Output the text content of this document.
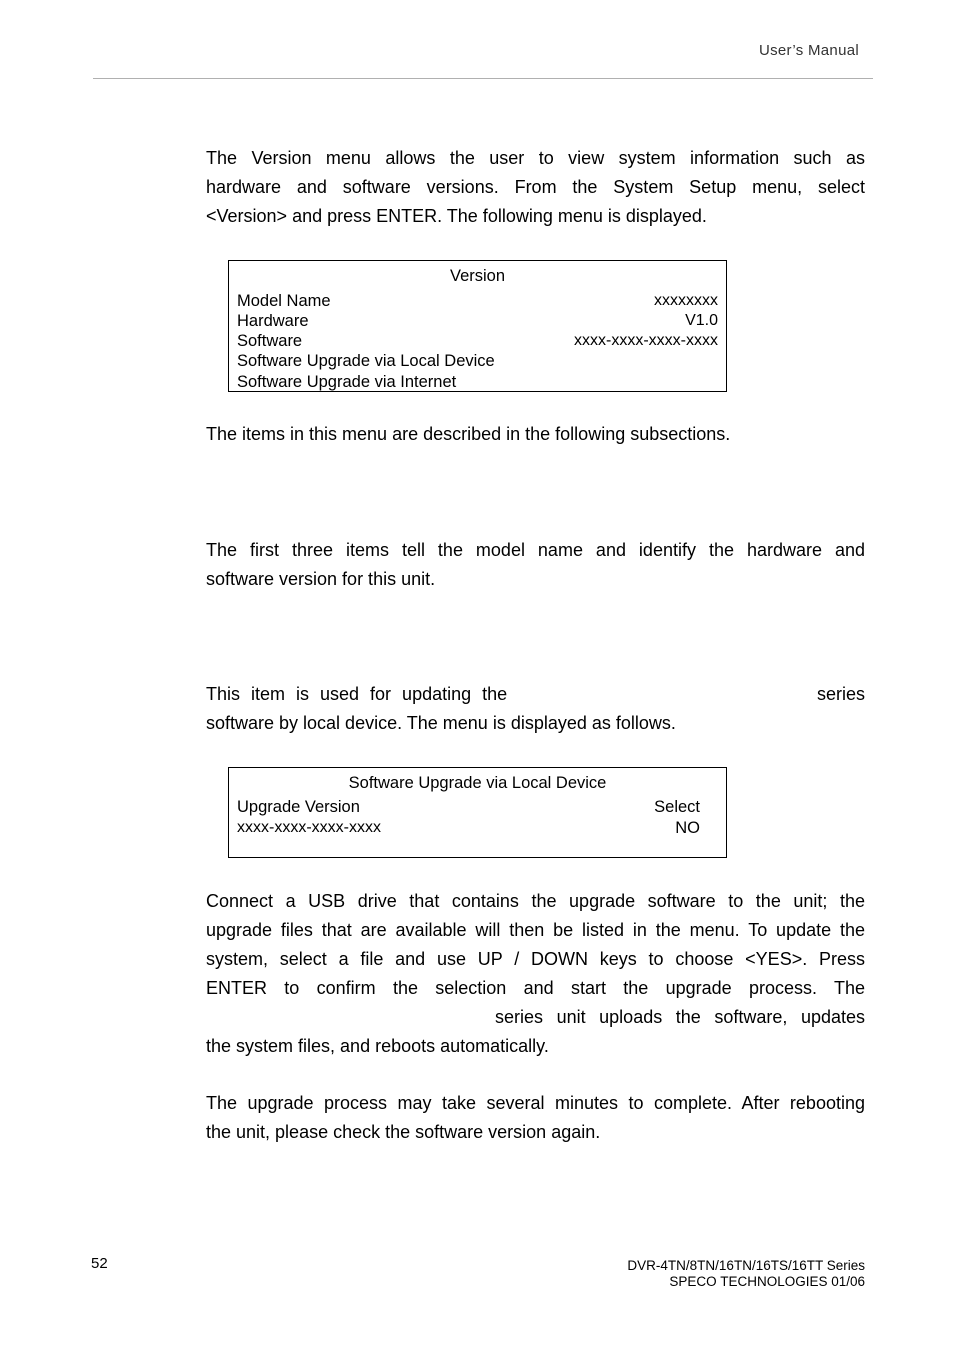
User’s Manual
The Version menu allows the user to view system information such as
hardware and software versions. From the System Setup menu, select
<Version> and press ENTER. The following menu is displayed.
Version
Model Name	xxxxxxxx
Hardware	V1.0
Software	xxxx-xxxx-xxxx-xxxx
Software Upgrade via Local Device
Software Upgrade via Internet
The items in this menu are described in the following subsections.
The first three items tell the model name and identify the hardware and
software version for this unit.
This item is used for updating the	series
software by local device. The menu is displayed as follows.
Software Upgrade via Local Device
Upgrade Version	Select
xxxx-xxxx-xxxx-xxxx	NO
Connect a USB drive that contains the upgrade software to the unit; the
upgrade files that are available will then be listed in the menu. To update the
system, select a file and use UP / DOWN keys to choose <YES>. Press
ENTER to confirm the selection and start the upgrade process. The
series unit uploads the software, updates
the system files, and reboots automatically.
The upgrade process may take several minutes to complete. After rebooting
the unit, please check the software version again.
52	DVR-4TN/8TN/16TN/16TS/16TT Series
SPECO TECHNOLOGIES 01/06
